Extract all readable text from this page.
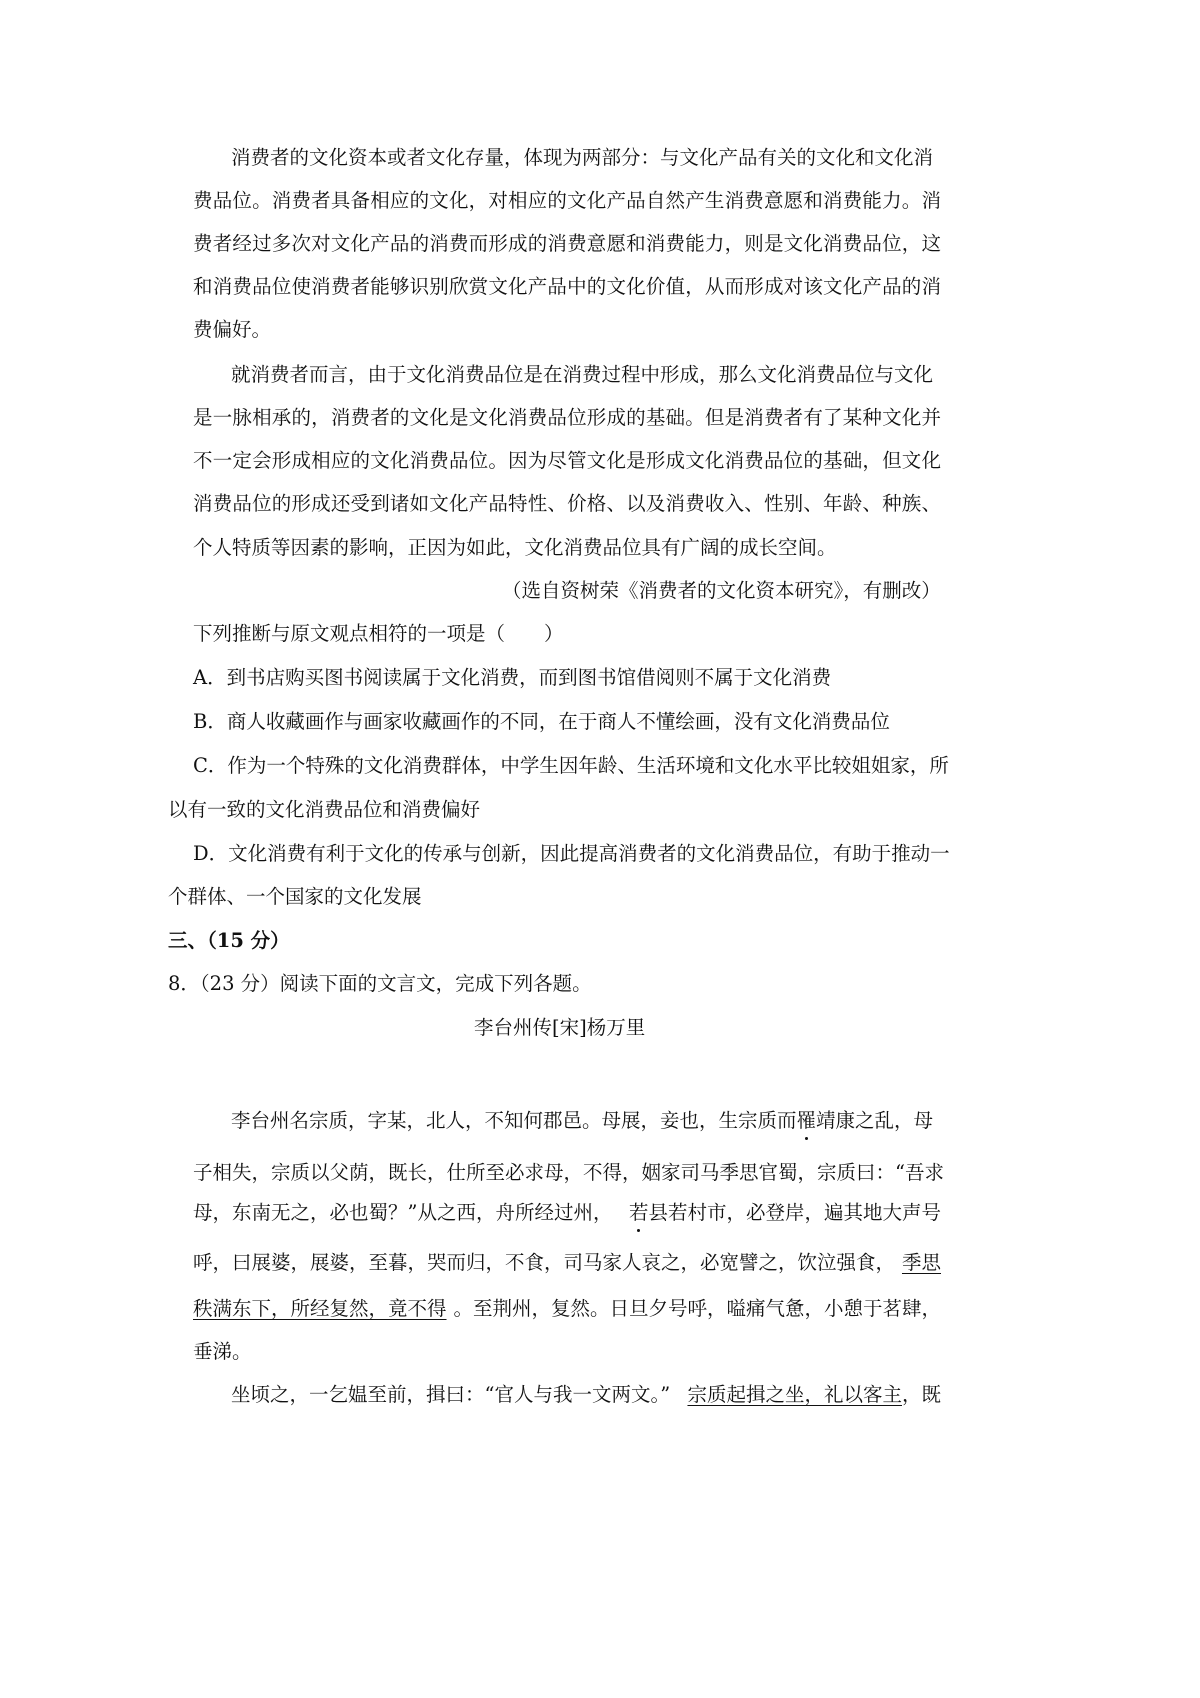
消费者的文化资本或者文化存量，体现为两部分：与文化产品有关的文化和文化消
费品位。消费者具备相应的文化，对相应的文化产品自然产生消费意愿和消费能力。消
费者经过多次对文化产品的消费而形成的消费意愿和消费能力，则是文化消费品位，这
和消费品位使消费者能够识别欣赏文化产品中的文化价值，从而形成对该文化产品的消
费偏好。
就消费者而言，由于文化消费品位是在消费过程中形成，那么文化消费品位与文化
是一脉相承的，消费者的文化是文化消费品位形成的基础。但是消费者有了某种文化并
不一定会形成相应的文化消费品位。因为尽管文化是形成文化消费品位的基础，但文化
消费品位的形成还受到诸如文化产品特性、价格、以及消费收入、性别、年龄、种族、
个人特质等因素的影响，正因为如此，文化消费品位具有广阔的成长空间。
（选自资树荣《消费者的文化资本研究》，有删改）
下列推断与原文观点相符的一项是（　　）
A．到书店购买图书阅读属于文化消费，而到图书馆借阅则不属于文化消费
B．商人收藏画作与画家收藏画作的不同，在于商人不懂绘画，没有文化消费品位
C．作为一个特殊的文化消费群体，中学生因年龄、生活环境和文化水平比较姐姐家，所
以有一致的文化消费品位和消费偏好
D．文化消费有利于文化的传承与创新，因此提高消费者的文化消费品位，有助于推动一
个群体、一个国家的文化发展
三、（15 分）
8．（23 分）阅读下面的文言文，完成下列各题。
李台州传[宋]杨万里
李台州名宗质，字某，北人，不知何郡邑。母展，妾也，生宗质而罹靖康之乱，母
子相失，宗质以父荫，既长，仕所至必求母，不得，姻家司马季思官蜀，宗质曰：“吾求
母，东南无之，必也蜀？”从之西，舟所经过州， 若 县若村市，必登岸，遍其地大声号
呼，曰展婆，展婆，至暮，哭而归，不食，司马家人哀之，必宽譬之，饮泣强食， 季思
秩满东下，所经复然，竟不得 。至荆州，复然。日旦夕号呼，嗌痛气惫，小憩于茗肆，
垂涕。
坐顷之，一乞媪至前，揖曰：“官人与我一文两文。” 宗质起揖之坐，礼以客主，既
